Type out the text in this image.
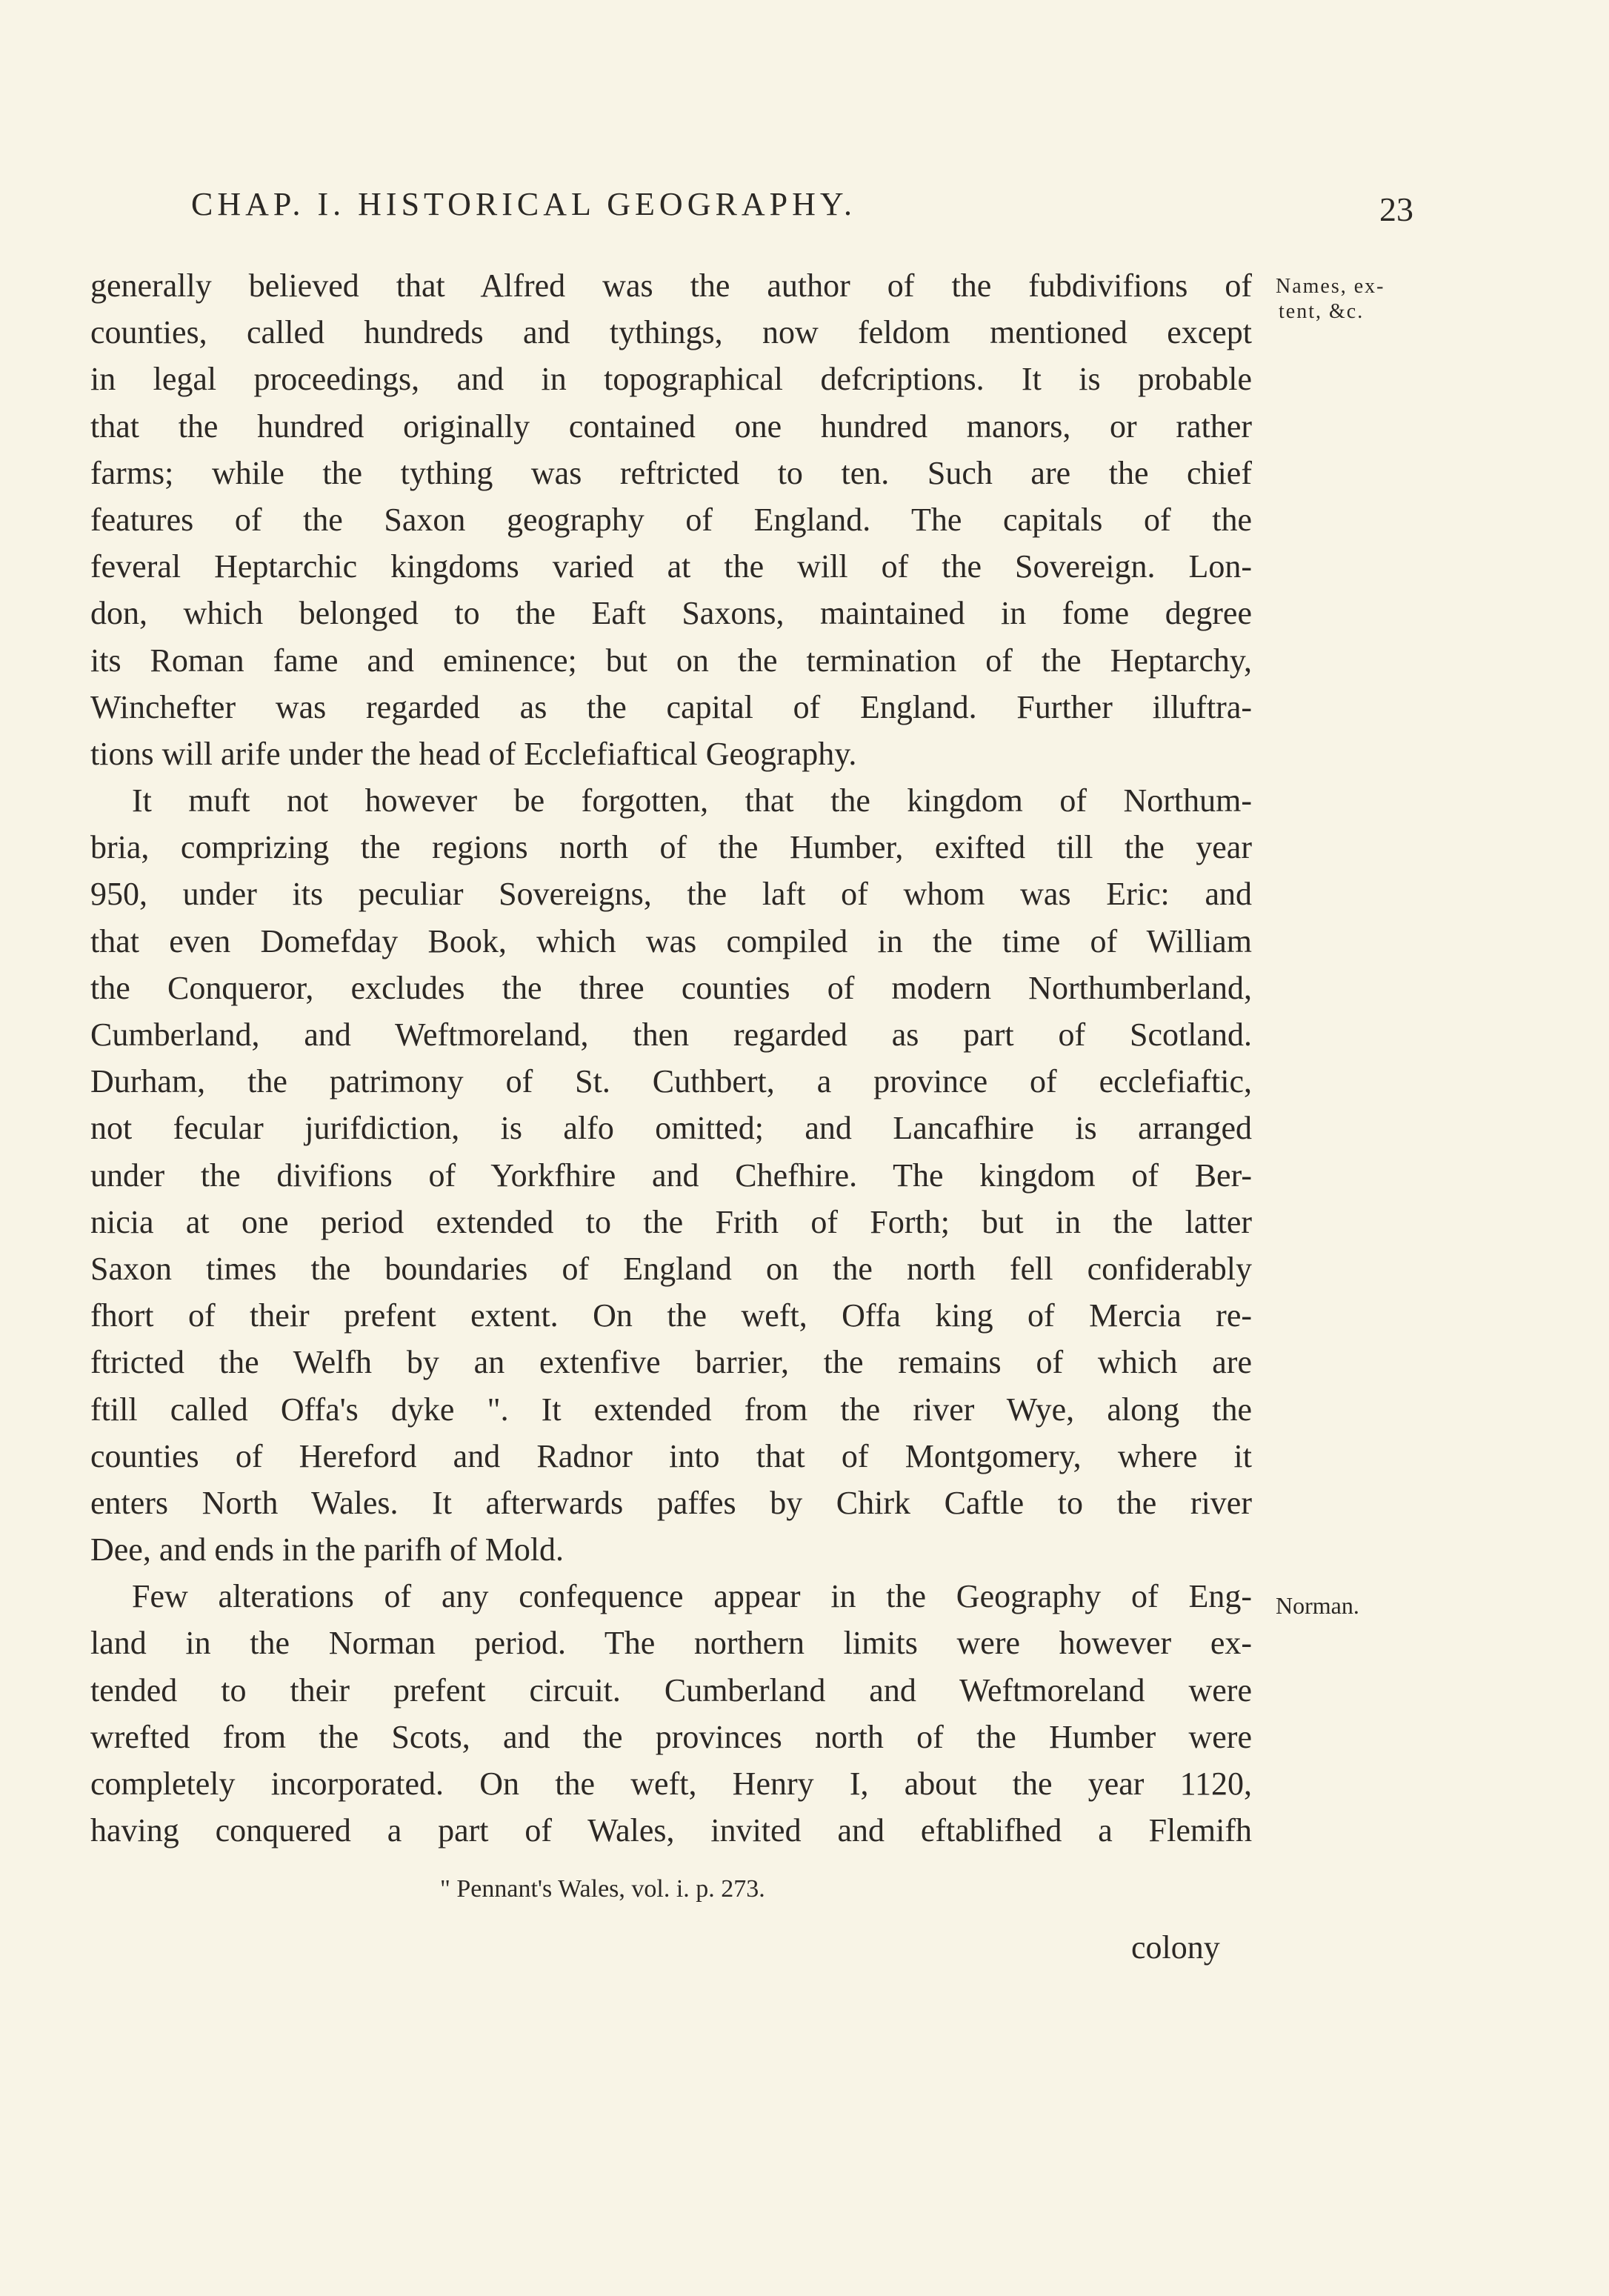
CHAP. I. HISTORICAL GEOGRAPHY.	23
Names, ex-
tent, &c.
Norman.
generally believed that Alfred was the author of the fubdivifions of
counties, called hundreds and tythings, now feldom mentioned except
in legal proceedings, and in topographical defcriptions. It is probable
that the hundred originally contained one hundred manors, or rather
farms; while the tything was reftricted to ten. Such are the chief
features of the Saxon geography of England. The capitals of the
feveral Heptarchic kingdoms varied at the will of the Sovereign. Lon-
don, which belonged to the Eaft Saxons, maintained in fome degree
its Roman fame and eminence; but on the termination of the Heptarchy,
Winchefter was regarded as the capital of England. Further illuftra-
tions will arife under the head of Ecclefiaftical Geography.
It muft not however be forgotten, that the kingdom of Northum-
bria, comprizing the regions north of the Humber, exifted till the year
950, under its peculiar Sovereigns, the laft of whom was Eric: and
that even Domefday Book, which was compiled in the time of William
the Conqueror, excludes the three counties of modern Northumberland,
Cumberland, and Weftmoreland, then regarded as part of Scotland.
Durham, the patrimony of St. Cuthbert, a province of ecclefiaftic,
not fecular jurifdiction, is alfo omitted; and Lancafhire is arranged
under the divifions of Yorkfhire and Chefhire. The kingdom of Ber-
nicia at one period extended to the Frith of Forth; but in the latter
Saxon times the boundaries of England on the north fell confiderably
fhort of their prefent extent. On the weft, Offa king of Mercia re-
ftricted the Welfh by an extenfive barrier, the remains of which are
ftill called Offa's dyke ". It extended from the river Wye, along the
counties of Hereford and Radnor into that of Montgomery, where it
enters North Wales. It afterwards paffes by Chirk Caftle to the river
Dee, and ends in the parifh of Mold.
Few alterations of any confequence appear in the Geography of Eng-
land in the Norman period. The northern limits were however ex-
tended to their prefent circuit. Cumberland and Weftmoreland were
wrefted from the Scots, and the provinces north of the Humber were
completely incorporated. On the weft, Henry I, about the year 1120,
having conquered a part of Wales, invited and eftablifhed a Flemifh
" Pennant's Wales, vol. i. p. 273.
colony
